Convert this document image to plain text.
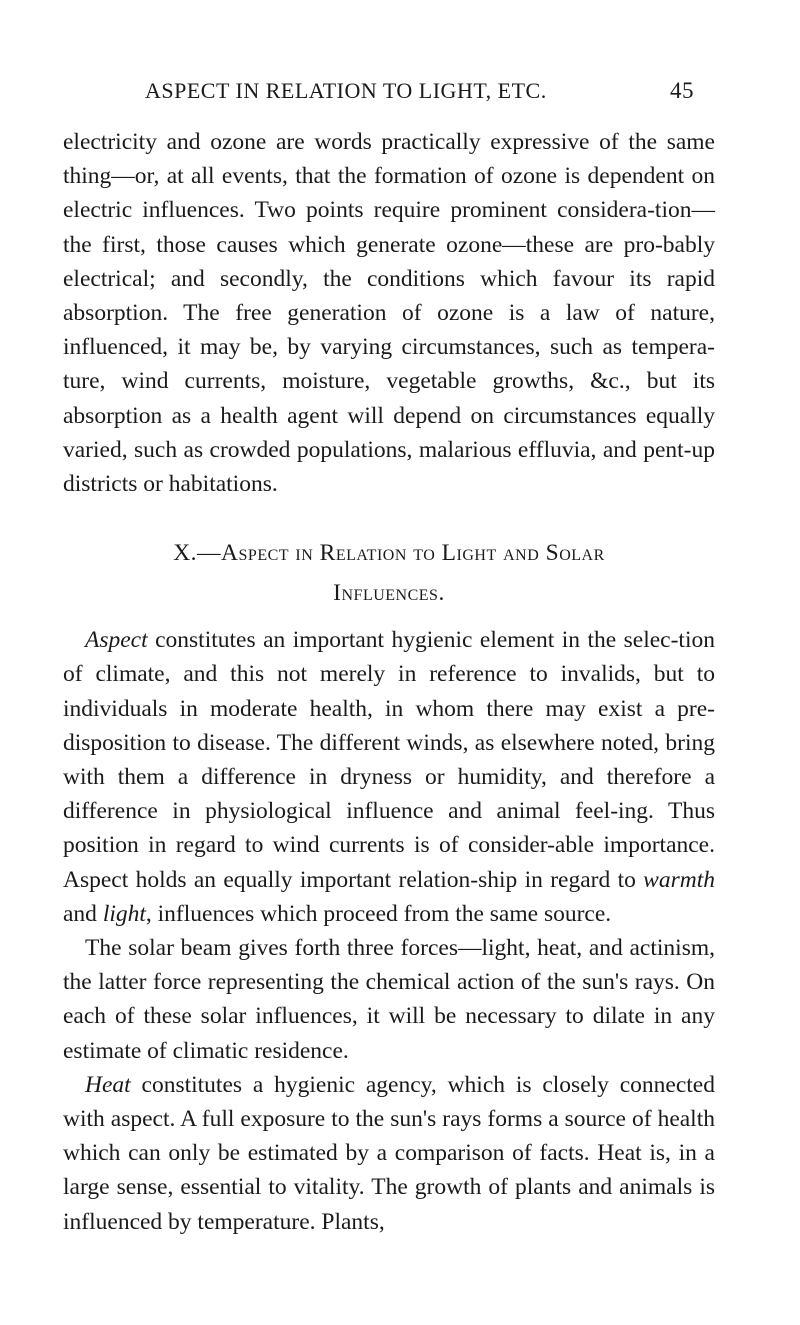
ASPECT IN RELATION TO LIGHT, ETC.	45

electricity and ozone are words practically expressive of the same thing—or, at all events, that the formation of ozone is dependent on electric influences. Two points require prominent considera-tion—the first, those causes which generate ozone—these are pro-bably electrical; and secondly, the conditions which favour its rapid absorption. The free generation of ozone is a law of nature, influenced, it may be, by varying circumstances, such as tempera-ture, wind currents, moisture, vegetable growths, &c., but its absorption as a health agent will depend on circumstances equally varied, such as crowded populations, malarious effluvia, and pent-up districts or habitations.

X.—Aspect in Relation to Light and Solar
Influences.

Aspect constitutes an important hygienic element in the selec-tion of climate, and this not merely in reference to invalids, but to individuals in moderate health, in whom there may exist a pre-disposition to disease. The different winds, as elsewhere noted, bring with them a difference in dryness or humidity, and therefore a difference in physiological influence and animal feel-ing. Thus position in regard to wind currents is of consider-able importance. Aspect holds an equally important relation-ship in regard to warmth and light, influences which proceed from the same source.

The solar beam gives forth three forces—light, heat, and actinism, the latter force representing the chemical action of the sun's rays. On each of these solar influences, it will be necessary to dilate in any estimate of climatic residence.

Heat constitutes a hygienic agency, which is closely connected with aspect. A full exposure to the sun's rays forms a source of health which can only be estimated by a comparison of facts. Heat is, in a large sense, essential to vitality. The growth of plants and animals is influenced by temperature. Plants,
